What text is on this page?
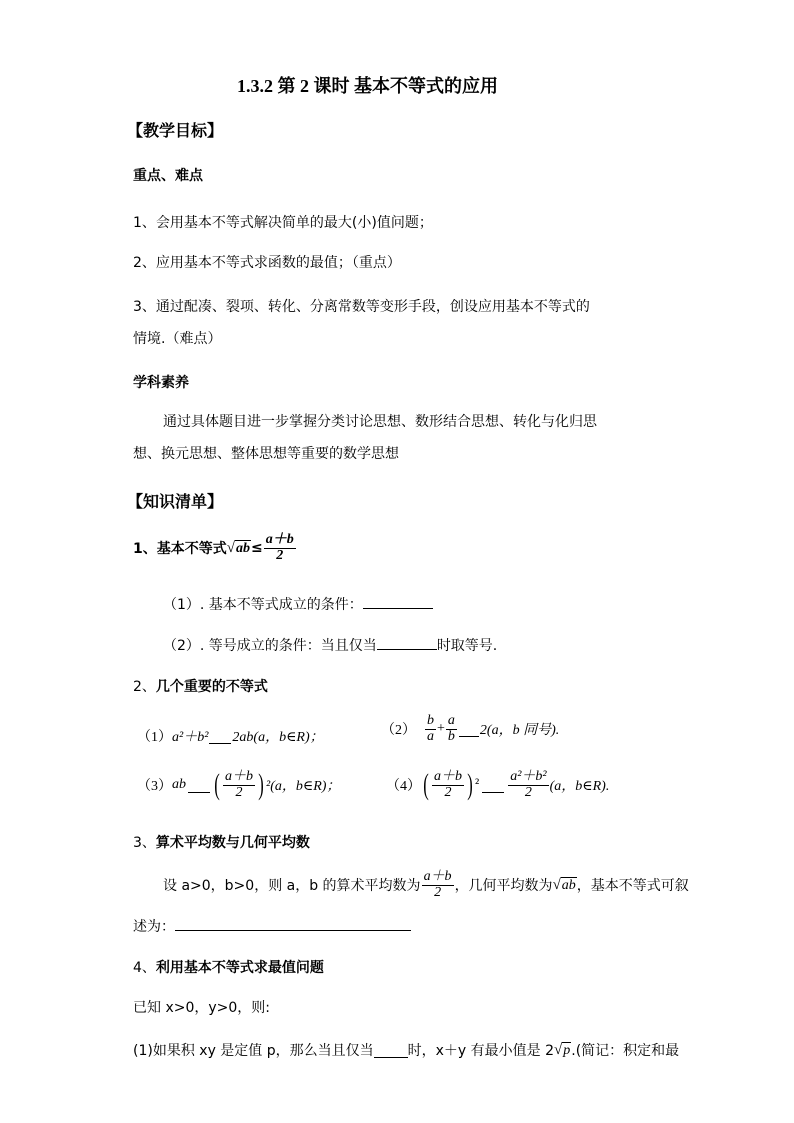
1.3.2 第 2 课时 基本不等式的应用
【教学目标】
重点、难点
1、会用基本不等式解决简单的最大(小)值问题；
2、应用基本不等式求函数的最值；（重点）
3、通过配凑、裂项、转化、分离常数等变形手段，创设应用基本不等式的
情境.（难点）
学科素养
通过具体题目进一步掌握分类讨论思想、数形结合思想、转化与化归思
想、换元思想、整体思想等重要的数学思想
【知识清单】
1、基本不等式 √ ab ≤ $\frac{a+b}{2}$
（1）. 基本不等式成立的条件：
（2）. 等号成立的条件：当且仅当	时取等号.
2、几个重要的不等式
（1） a²＋b² 2ab(a，b∈R)；	$(2) \frac{b}{a} + \frac{a}{b} 2(a$，b 同号).
（3） ab ( $\frac{a+b}{2}$ ) ²(a，b∈R)；	（4） ( $\frac{a+b}{2}$ ) $^2 \frac{\text{a²＋b²}}{2} (a$，b∈R).
3、算术平均数与几何平均数
设 a>0，b>0，则 a，b 的算术平均数为 $\frac{a+b}{2}$ ，几何平均数为 √ ab ，基本不等式可叙
述为：
4、利用基本不等式求最值问题
已知 x>0，y>0，则:
(1)如果积 xy 是定值 p，那么当且仅当 时，x＋y 有最小值是 2 √ p .(简记：积定和最
